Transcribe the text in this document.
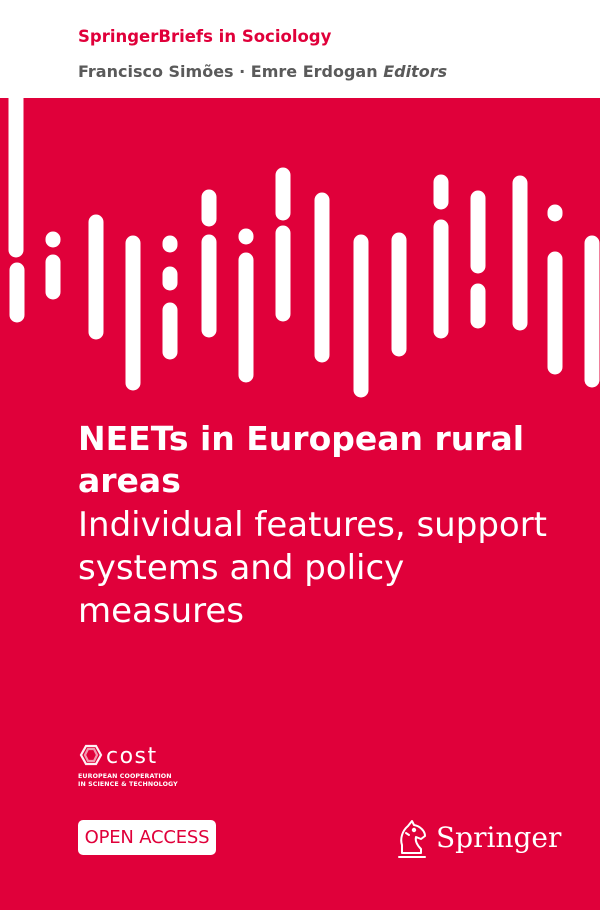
SpringerBriefs in Sociology
Francisco Simões · Emre Erdogan Editors
NEETs in European rural areas
Individual features, support systems and policy measures
cost
EUROPEAN COOPERATION
IN SCIENCE & TECHNOLOGY
OPEN ACCESS	Springer
